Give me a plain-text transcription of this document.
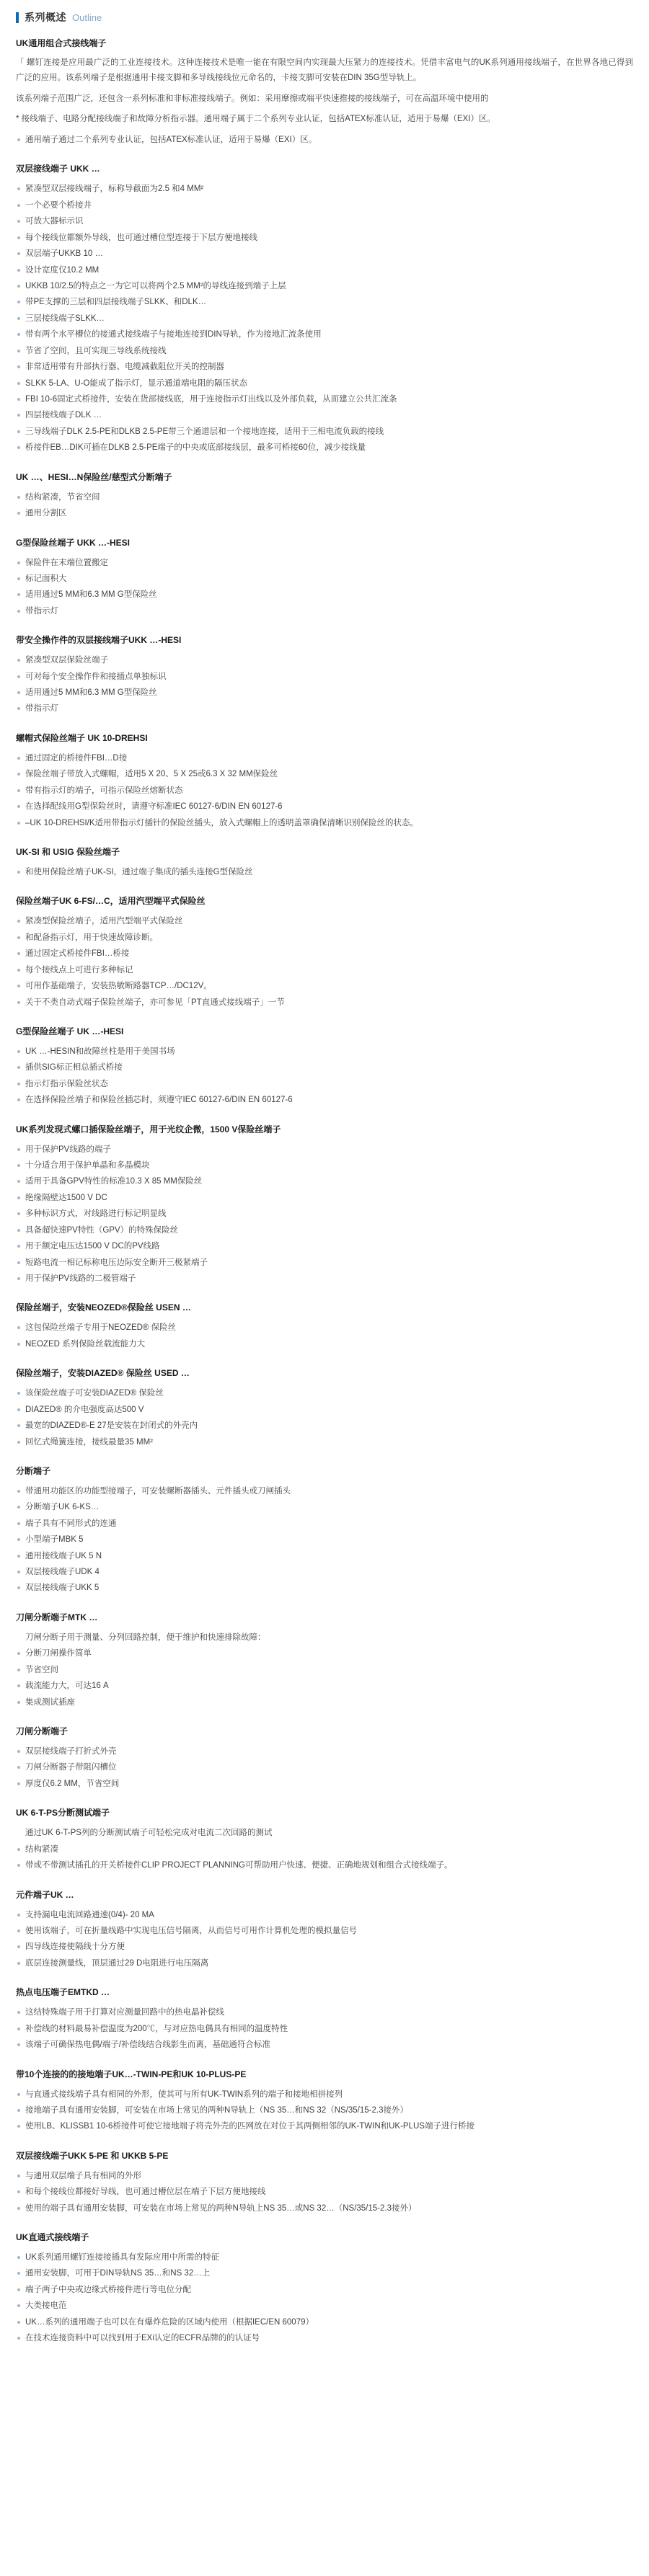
系列概述 Outline
UK通用组合式接线端子

「 螺钉连接是应用最广泛的工业连接技术。这种连接技术是唯一能在有限空间内实现最大压紧力的连接技术。凭借丰富电气的UK系列通用接线端子，在世界各地已得到广泛的应用。该系列端子是根据通用卡接支脚和多导线接线位元命名的，卡接支脚可安装在DIN 35G型导轨上。

该系列端子范围广泛，还包含一系列标准和非标准接线端子。例如：采用摩擦或端平快速推接的接线端子，可在高温环境中使用的

* 接线端子、电路分配接线端子和故障分析指示器。通用端子属于二个系列专业认证，包括ATEX标准认证，适用于易爆（EXI）区。

通用端子通过二个系列专业认证，包括ATEX标准认证，适用于易爆（EXI）区。
双层接线端子 UKK …
紧凑型双层接线端子，标称导截面为2.5 和4 MM²
一个必要个桥接井
可放大器标示识
每个接线位都额外导线，也可通过槽位型连接于下层方便地接线
双层端子UKKB 10 …
设计宽度仅10.2 MM
UKKB 10/2.5的特点之一为它可以将两个2.5 MM²的导线连接到端子上层
带PE支撑的三层和四层接线端子SLKK、和DLK…
三层接线端子SLKK…
带有两个水平槽位的接通式接线端子与接地连接到DIN导轨，作为接地汇流条使用
节省了空间，且可实现三导线系统接线
非常适用带有升部执行器、电缆减截阻位开关的控制器
SLKK 5-LA、U-O能成了指示灯，显示通道端电阻的隔压状态
FBI 10-6固定式桥接件，安装在货部接线底，用于连接指示灯出线以及外部负载，从而建立公共汇流条
四层接线端子DLK …
三导线端子DLK 2.5-PE和DLKB 2.5-PE带三个通道层和一个接地连接，适用于三相电流负载的接线
桥接件EB…DIK可插在DLKB 2.5-PE端子的中央或底部接线层，最多可桥接60位，减少接线量
UK …、HESI…N保险丝/慈型式分断端子
结构紧凑，节省空间
通用分割区
G型保险丝端子 UKK …-HESI
保险件在末端位置搬定
标记面积大
适用通过5 MM和6.3 MM G型保险丝
带指示灯
带安全操作件的双层接线端子UKK …-HESI
紧凑型双层保险丝端子
可对每个安全操作件和接插点单独标识
适用通过5 MM和6.3 MM G型保险丝
带指示灯
螺帽式保险丝端子 UK 10-DREHSI
通过固定的桥接件FBI…D接
保险丝端子带放入式螺帽，适用5 X 20、5 X 25或6.3 X 32 MM保险丝
带有指示灯的端子，可指示保险丝熔断状态
在选择配线用G型保险丝时，请遵守标准IEC 60127-6/DIN EN 60127-6
–UK 10-DREHSI/K适用带指示灯插针的保险丝插头，放入式螺帽上的透明盖罩确保清晰识别保险丝的状态。
UK-SI 和 USIG 保险丝端子
和使用保险丝端子UK-SI，通过端子集成的插头连接G型保险丝
保险丝端子UK 6-FS/…C，适用汽型端平式保险丝
紧凑型保险丝端子，适用汽型端平式保险丝
和配备指示灯，用于快速故障诊断。
通过固定式桥接件FBI…桥接
每个接线点上可进行多种标记
可用作基础端子，安装热敏断路器TCP…/DC12V。
关于不类自动式端子保险丝端子，亦可参见「PT直通式接线端子」一节
G型保险丝端子 UK …-HESI
UK …-HESIN和故障丝柱是用于美国书场
插供SIG标正相总插式桥接
指示灯指示保险丝状态
在选择保险丝端子和保险丝插芯时，须遵守IEC 60127-6/DIN EN 60127-6
UK系列发现式螺口插保险丝端子，用于光纹企微，1500 V保险丝端子
用于保护PV线路的端子
十分适合用于保护单晶和多晶模块
适用于具备GPV特性的标准10.3 X 85 MM保险丝
绝缘隔壁达1500 V DC
多种标识方式，对线路进行标记明显线
具备超快速PV特性（GPV）的特殊保险丝
用于额定电压达1500 V DC的PV线路
短路电流一相记标称电压边际安全断开三极紧端子
用于保护PV线路的二极管端子
保险丝端子，安装NEOZED®保险丝 USEN …
这包保险丝端子专用于NEOZED® 保险丝
NEOZED 系列保险丝载流能力大
保险丝端子，安装DIAZED® 保险丝 USED …
该保险丝端子可安装DIAZED® 保险丝
DIAZED® 的介电强度高达500 V
最宽的DIAZED®-E 27是安装在封闭式的外壳内
回忆式绳簧连接，接线最量35 MM²
分断端子
带通用功能区的功能型接端子，可安装螺断器插头、元件插头或刀闸插头
分断端子UK 6-KS…
端子具有不同形式的连通
小型端子MBK 5
通用接线端子UK 5 N
双层接线端子UDK 4
双层接线端子UKK 5
刀闸分断端子MTK …
刀闸分断子用于测量、分列回路控制，便于维护和快速排除故障：
分断刀闸操作简单
节省空间
载流能力大，可达16 A
集成测试插座
刀闸分断端子
双层接线端子打折式外壳
刀闸分断器子带阻闪槽位
厚度仅6.2 MM，节省空间
UK 6-T-PS分断测试端子
通过UK 6-T-PS列的分断测试端子可轻松完成对电流二次回路的测试
结构紧凑
带或不带测试插孔的开关桥接件CLIP PROJECT PLANNING可帮助用户快速、便捷、正确地规划和组合式接线端子。
元件端子UK …
支持漏电电流回路通速(0/4)- 20 MA
使用该端子，可在折量线路中实现电压信号隔离，从而信号可用作计算机处理的模拟量信号
四导线连接使隔线十分方便
底层连接测量线，顶层通过29 D电阻进行电压隔离
热点电压端子EMTKD …
这结特殊端子用于打算对应测量回路中的热电晶补偿线
补偿线的材料最易补偿温度为200℃，与对应热电偶具有相同的温度特性
该端子可确保热电偶/端子/补偿线结合线影生而离，基础通符合标准
带10个连接的的接地端子UK…-TWIN-PE和UK 10-PLUS-PE
与直通式接线端子具有相同的外形，使其可与所有UK-TWIN系列的端子和接地相拼接列
接地端子具有通用安装脚，可安装在市场上常见的两种N导轨上（NS 35…和NS 32（NS/35/15-2.3接外）
使用LB、KLISSB1 10-6桥接件可使它接地端子将壳外壳的匹网放在对位于其两侧相邻的UK-TWIN和UK-PLUS端子进行桥接
双层接线端子UKK 5-PE 和 UKKB 5-PE
与通用双层端子具有相同的外形
和每个接线位都接好导线，也可通过槽位层在端子下层方便地接线
使用的端子具有通用安装脚，可安装在市场上常见的两种N导轨上NS 35…或NS 32…（NS/35/15-2.3接外）
UK直通式接线端子
UK系列通用螺钉连接接插具有发际应用中所需的特征
通用安装脚，可用于DIN导轨NS 35…和NS 32…上
端子两子中央或边缘式桥接件进行等电位分配
大类接电范
UK…系列的通用端子也可以在有爆炸危险的区域内使用（根据IEC/EN 60079）
在技术连接资料中可以找到用于EXi认定的ECFR品牌的的认证号
